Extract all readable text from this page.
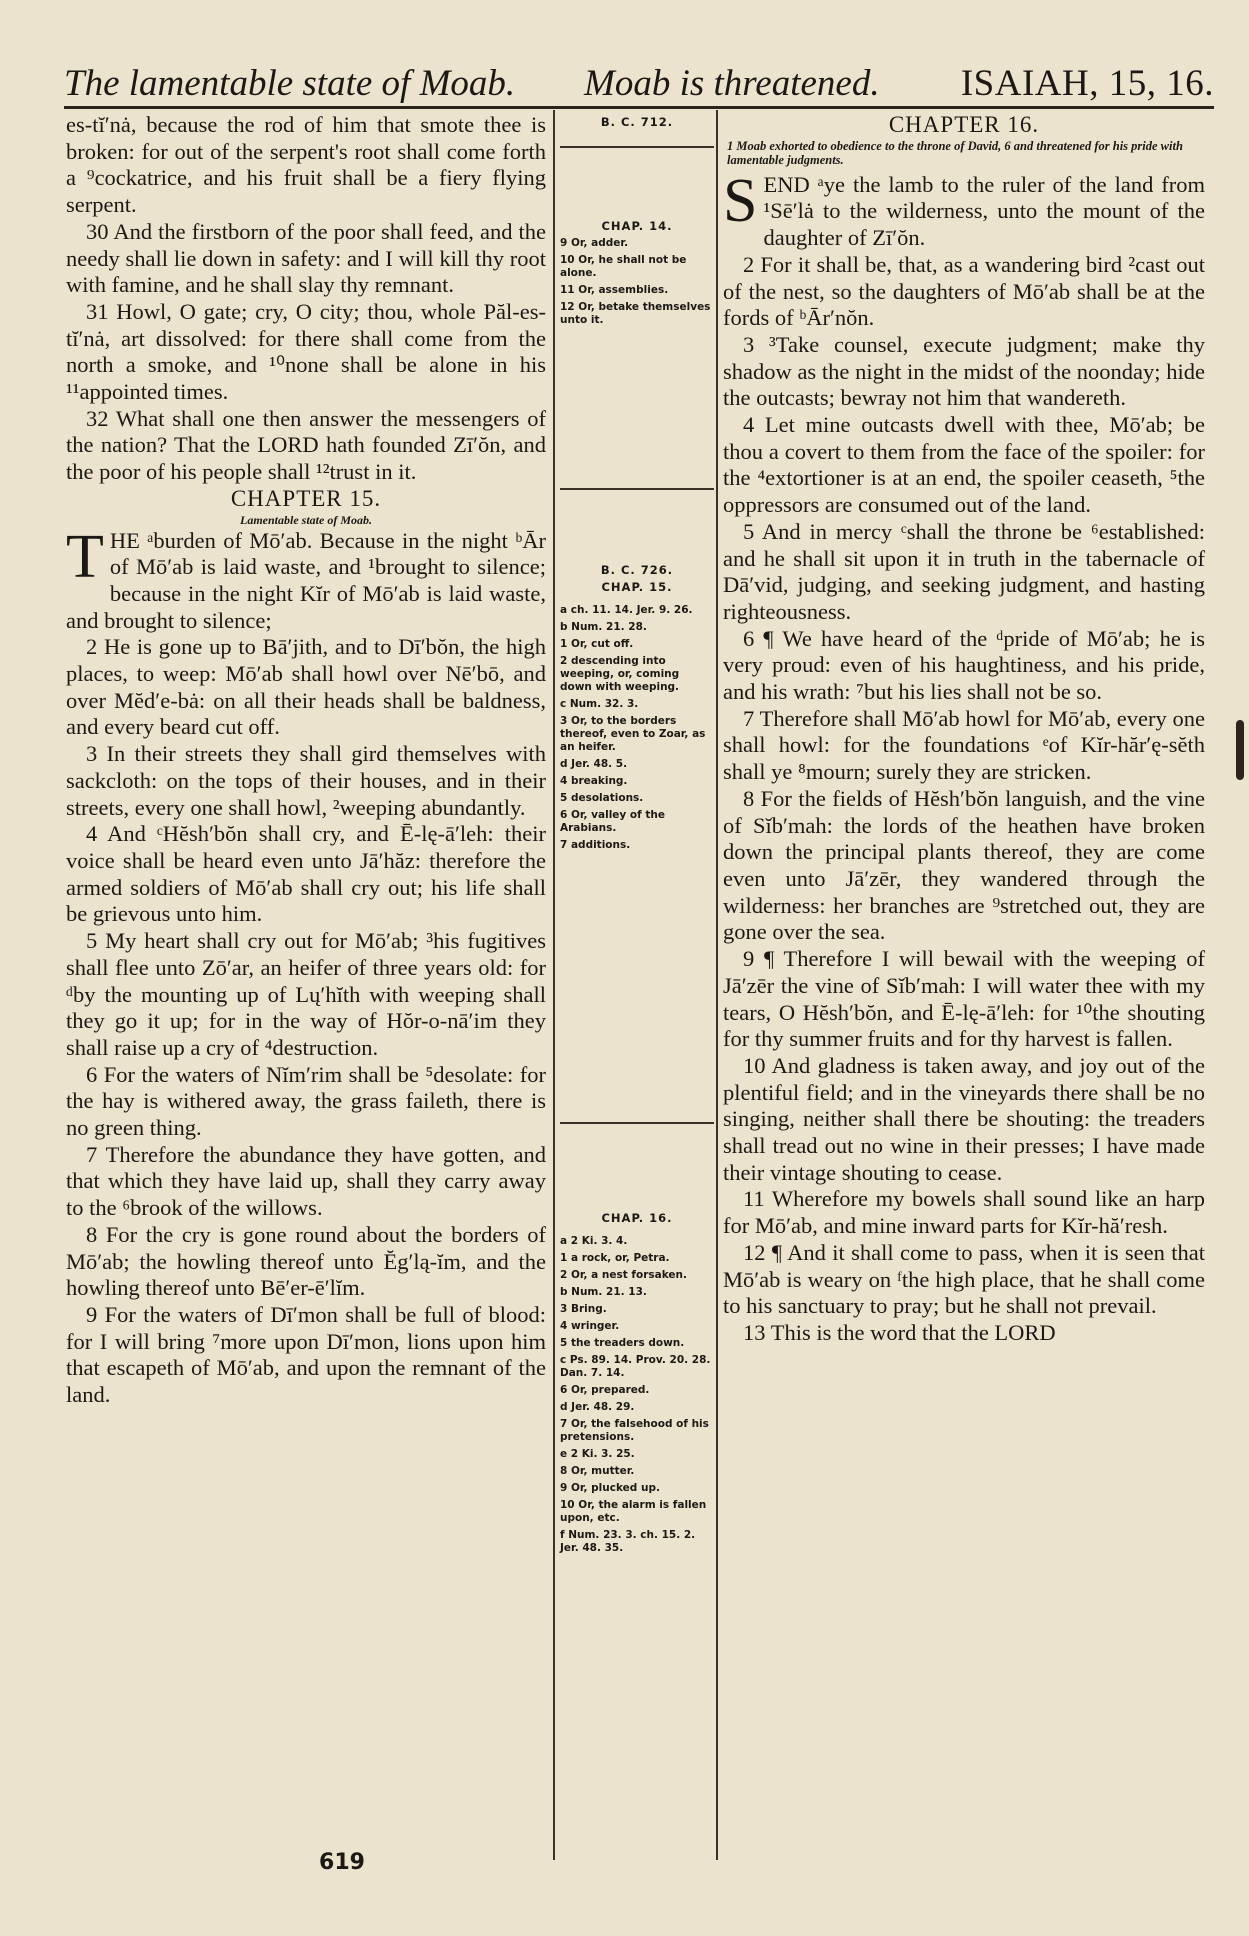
The lamentable state of Moab. Moab is threatened. ISAIAH, 15, 16.

es-tĭ′nȧ, because the rod of him that smote thee is broken: for out of the serpent's root shall come forth a ⁹cockatrice, and his fruit shall be a fiery flying serpent.

30 And the firstborn of the poor shall feed, and the needy shall lie down in safety: and I will kill thy root with famine, and he shall slay thy remnant.

31 Howl, O gate; cry, O city; thou, whole Păl-es-tĭ′nȧ, art dissolved: for there shall come from the north a smoke, and ¹⁰none shall be alone in his ¹¹appointed times.

32 What shall one then answer the messengers of the nation? That the LORD hath founded Zī′ŏn, and the poor of his people shall ¹²trust in it.

CHAPTER 15.
Lamentable state of Moab.

THE ᵃburden of Mō′ab. Because in the night ᵇĀr of Mō′ab is laid waste, and ¹brought to silence; because in the night Kĭr of Mō′ab is laid waste, and brought to silence;

2 He is gone up to Bā′jith, and to Dī′bŏn, the high places, to weep: Mō′ab shall howl over Nē′bō, and over Mĕd′e-bȧ: on all their heads shall be baldness, and every beard cut off.

3 In their streets they shall gird themselves with sackcloth: on the tops of their houses, and in their streets, every one shall howl, ²weeping abundantly.

4 And ᶜHĕsh′bŏn shall cry, and Ē-lę-ā′leh: their voice shall be heard even unto Jā′hăz: therefore the armed soldiers of Mō′ab shall cry out; his life shall be grievous unto him.

5 My heart shall cry out for Mō′ab; ³his fugitives shall flee unto Zō′ar, an heifer of three years old: for ᵈby the mounting up of Lų′hĭth with weeping shall they go it up; for in the way of Hŏr-o-nā′im they shall raise up a cry of ⁴destruction.

6 For the waters of Nĭm′rim shall be ⁵desolate: for the hay is withered away, the grass faileth, there is no green thing.

7 Therefore the abundance they have gotten, and that which they have laid up, shall they carry away to the ⁶brook of the willows.

8 For the cry is gone round about the borders of Mō′ab; the howling thereof unto Ĕg′lą-ĭm, and the howling thereof unto Bē′er-ē′lĭm.

9 For the waters of Dī′mon shall be full of blood: for I will bring ⁷more upon Dī′mon, lions upon him that escapeth of Mō′ab, and upon the remnant of the land.

B. C. 712.
CHAP. 14.
9 Or, adder.
10 Or, he shall not be alone.
11 Or, assemblies.
12 Or, betake themselves unto it.
B. C. 726.
CHAP. 15.
a ch. 11. 14. Jer. 9. 26.
b Num. 21. 28.
1 Or, cut off.
2 descending into weeping, or, coming down with weeping.
c Num. 32. 3.
3 Or, to the borders thereof, even to Zoar, as an heifer.
d Jer. 48. 5.
4 breaking.
5 desolations.
6 Or, valley of the Arabians.
7 additions.
CHAP. 16.
a 2 Ki. 3. 4.
1 a rock, or, Petra.
2 Or, a nest forsaken.
b Num. 21. 13.
3 Bring.
4 wringer.
5 the treaders down.
c Ps. 89. 14. Prov. 20. 28. Dan. 7. 14.
6 Or, prepared.
d Jer. 48. 29.
7 Or, the falsehood of his pretensions.
e 2 Ki. 3. 25.
8 Or, mutter.
9 Or, plucked up.
10 Or, the alarm is fallen upon, etc.
f Num. 23. 3. ch. 15. 2. Jer. 48. 35.
CHAPTER 16.
1 Moab exhorted to obedience to the throne of David, 6 and threatened for his pride with lamentable judgments.

SEND ᵃye the lamb to the ruler of the land from ¹Sē′lȧ to the wilderness, unto the mount of the daughter of Zī′ŏn.

2 For it shall be, that, as a wandering bird ²cast out of the nest, so the daughters of Mō′ab shall be at the fords of ᵇĀr′nŏn.

3 ³Take counsel, execute judgment; make thy shadow as the night in the midst of the noonday; hide the outcasts; bewray not him that wandereth.

4 Let mine outcasts dwell with thee, Mō′ab; be thou a covert to them from the face of the spoiler: for the ⁴extortioner is at an end, the spoiler ceaseth, ⁵the oppressors are consumed out of the land.

5 And in mercy ᶜshall the throne be ⁶established: and he shall sit upon it in truth in the tabernacle of Dā′vid, judging, and seeking judgment, and hasting righteousness.

6 ¶ We have heard of the ᵈpride of Mō′ab; he is very proud: even of his haughtiness, and his pride, and his wrath: ⁷but his lies shall not be so.

7 Therefore shall Mō′ab howl for Mō′ab, every one shall howl: for the foundations ᵉof Kĭr-hăr′ę-sĕth shall ye ⁸mourn; surely they are stricken.

8 For the fields of Hĕsh′bŏn languish, and the vine of Sĭb′mah: the lords of the heathen have broken down the principal plants thereof, they are come even unto Jā′zēr, they wandered through the wilderness: her branches are ⁹stretched out, they are gone over the sea.

9 ¶ Therefore I will bewail with the weeping of Jā′zēr the vine of Sĭb′mah: I will water thee with my tears, O Hĕsh′bŏn, and Ē-lę-ā′leh: for ¹⁰the shouting for thy summer fruits and for thy harvest is fallen.

10 And gladness is taken away, and joy out of the plentiful field; and in the vineyards there shall be no singing, neither shall there be shouting: the treaders shall tread out no wine in their presses; I have made their vintage shouting to cease.

11 Wherefore my bowels shall sound like an harp for Mō′ab, and mine inward parts for Kĭr-hă′resh.

12 ¶ And it shall come to pass, when it is seen that Mō′ab is weary on ᶠthe high place, that he shall come to his sanctuary to pray; but he shall not prevail.

13 This is the word that the LORD

619
